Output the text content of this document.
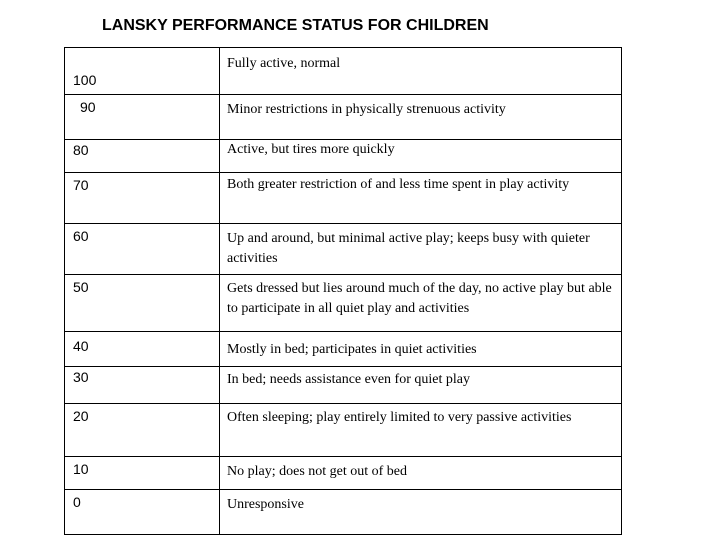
LANSKY PERFORMANCE STATUS FOR CHILDREN
100	Fully active, normal

90	Minor restrictions in physically strenuous activity

80	Active, but tires more quickly

70	Both greater restriction of and less time spent in play activity

60	Up and around, but minimal active play; keeps busy with quieter activities

50	Gets dressed but lies around much of the day, no active play but able to participate in all quiet play and activities

40	Mostly in bed; participates in quiet activities

30	In bed; needs assistance even for quiet play

20	Often sleeping; play entirely limited to very passive activities

10	No play; does not get out of bed

0	Unresponsive
